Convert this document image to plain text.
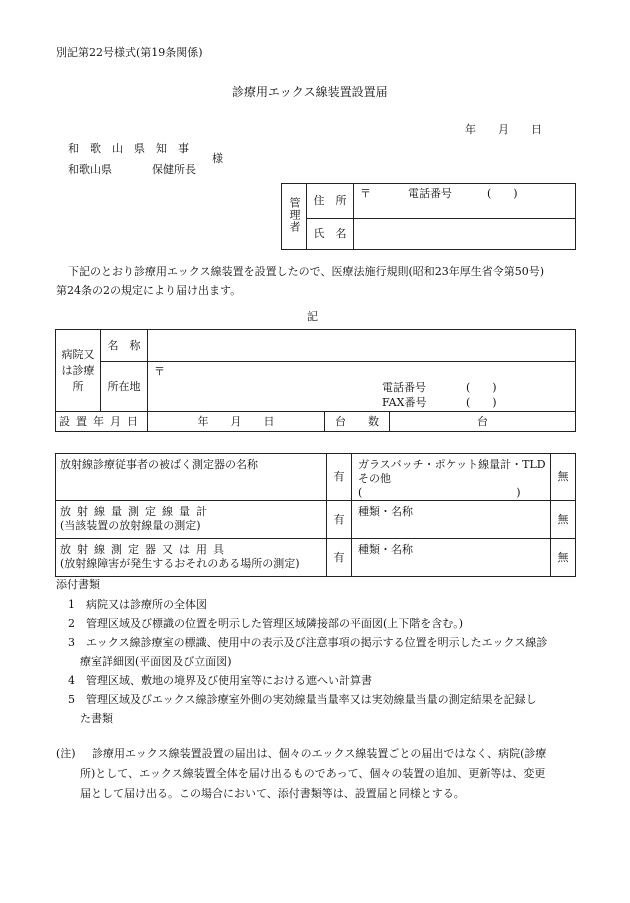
別記第22号様式(第19条関係)
診療用エックス線装置設置届
年　　月　　日
和　歌　山　県　知　事
和歌山県	保健所長
様
管理者	住　所	〒 電話番号 (　　)

	氏　名	
下記のとおり診療用エックス線装置を設置したので、医療法施行規則(昭和23年厚生省令第50号)
第24条の2の規定により届け出ます。
記
病院又は診療所	名　称			
	所在地	〒
電話番号 (　　)
FAX番号 (　　)		

設置年月日		年　　月　　日	台　　数	台
放射線診療従事者の被ばく測定器の名称	有	ガラスバッチ・ポケット線量計・TLD
その他(　　　　　　　　　　　　　　)	無

放射線量測定線量計
(当該装置の放射線量の測定)	有	種類・名称	無

放射線測定器又は用具
(放射線障害が発生するおそれのある場所の測定)	有	種類・名称	無
添付書類
1　病院又は診療所の全体図
2　管理区域及び標識の位置を明示した管理区域隣接部の平面図(上下階を含む。)
3　エックス線診療室の標識、使用中の表示及び注意事項の掲示する位置を明示したエックス線診
療室詳細図(平面図及び立面図)
4　管理区域、敷地の境界及び使用室等における遮へい計算書
5　管理区域及びエックス線診療室外側の実効線量当量率又は実効線量当量の測定結果を記録し
た書類
(注) 診療用エックス線装置設置の届出は、個々のエックス線装置ごとの届出ではなく、病院(診療
所)として、エックス線装置全体を届け出るものであって、個々の装置の追加、更新等は、変更
届として届け出る。この場合において、添付書類等は、設置届と同様とする。
